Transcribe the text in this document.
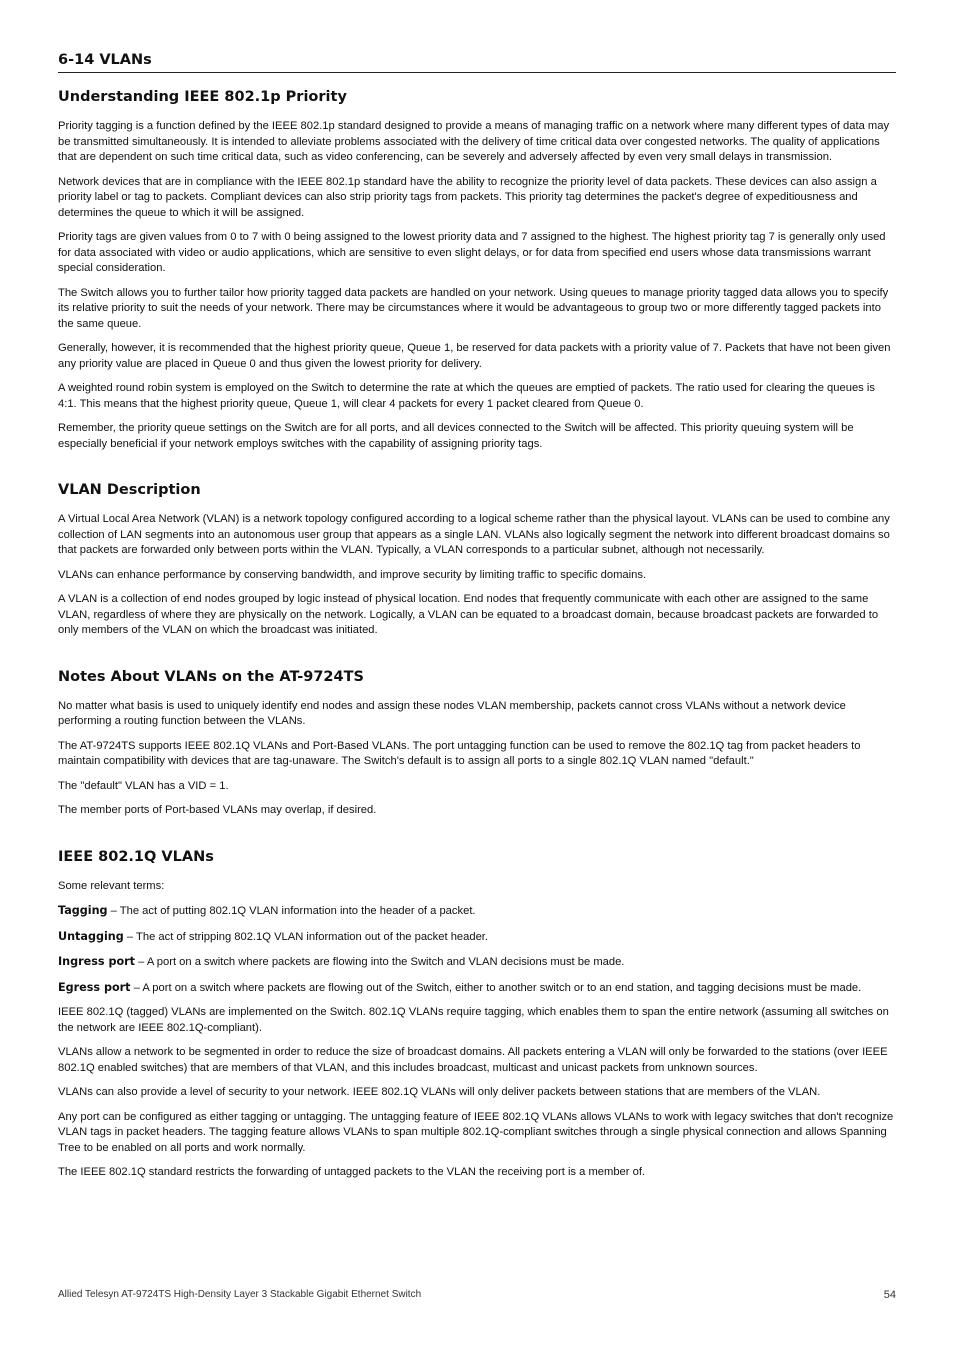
6-14 VLANs
Understanding IEEE 802.1p Priority

Priority tagging is a function defined by the IEEE 802.1p standard designed to provide a means of managing traffic on a network where many different types of data may be transmitted simultaneously. It is intended to alleviate problems associated with the delivery of time critical data over congested networks. The quality of applications that are dependent on such time critical data, such as video conferencing, can be severely and adversely affected by even very small delays in transmission.

Network devices that are in compliance with the IEEE 802.1p standard have the ability to recognize the priority level of data packets. These devices can also assign a priority label or tag to packets. Compliant devices can also strip priority tags from packets. This priority tag determines the packet's degree of expeditiousness and determines the queue to which it will be assigned.

Priority tags are given values from 0 to 7 with 0 being assigned to the lowest priority data and 7 assigned to the highest. The highest priority tag 7 is generally only used for data associated with video or audio applications, which are sensitive to even slight delays, or for data from specified end users whose data transmissions warrant special consideration.

The Switch allows you to further tailor how priority tagged data packets are handled on your network. Using queues to manage priority tagged data allows you to specify its relative priority to suit the needs of your network. There may be circumstances where it would be advantageous to group two or more differently tagged packets into the same queue.

Generally, however, it is recommended that the highest priority queue, Queue 1, be reserved for data packets with a priority value of 7. Packets that have not been given any priority value are placed in Queue 0 and thus given the lowest priority for delivery.

A weighted round robin system is employed on the Switch to determine the rate at which the queues are emptied of packets. The ratio used for clearing the queues is 4:1. This means that the highest priority queue, Queue 1, will clear 4 packets for every 1 packet cleared from Queue 0.

Remember, the priority queue settings on the Switch are for all ports, and all devices connected to the Switch will be affected. This priority queuing system will be especially beneficial if your network employs switches with the capability of assigning priority tags.

VLAN Description

A Virtual Local Area Network (VLAN) is a network topology configured according to a logical scheme rather than the physical layout. VLANs can be used to combine any collection of LAN segments into an autonomous user group that appears as a single LAN. VLANs also logically segment the network into different broadcast domains so that packets are forwarded only between ports within the VLAN. Typically, a VLAN corresponds to a particular subnet, although not necessarily.

VLANs can enhance performance by conserving bandwidth, and improve security by limiting traffic to specific domains.

A VLAN is a collection of end nodes grouped by logic instead of physical location. End nodes that frequently communicate with each other are assigned to the same VLAN, regardless of where they are physically on the network. Logically, a VLAN can be equated to a broadcast domain, because broadcast packets are forwarded to only members of the VLAN on which the broadcast was initiated.

Notes About VLANs on the AT-9724TS

No matter what basis is used to uniquely identify end nodes and assign these nodes VLAN membership, packets cannot cross VLANs without a network device performing a routing function between the VLANs.

The AT-9724TS supports IEEE 802.1Q VLANs and Port-Based VLANs. The port untagging function can be used to remove the 802.1Q tag from packet headers to maintain compatibility with devices that are tag-unaware. The Switch's default is to assign all ports to a single 802.1Q VLAN named "default."

The "default" VLAN has a VID = 1.

The member ports of Port-based VLANs may overlap, if desired.

IEEE 802.1Q VLANs

Some relevant terms:

Tagging – The act of putting 802.1Q VLAN information into the header of a packet.

Untagging – The act of stripping 802.1Q VLAN information out of the packet header.

Ingress port – A port on a switch where packets are flowing into the Switch and VLAN decisions must be made.

Egress port – A port on a switch where packets are flowing out of the Switch, either to another switch or to an end station, and tagging decisions must be made.

IEEE 802.1Q (tagged) VLANs are implemented on the Switch. 802.1Q VLANs require tagging, which enables them to span the entire network (assuming all switches on the network are IEEE 802.1Q-compliant).

VLANs allow a network to be segmented in order to reduce the size of broadcast domains. All packets entering a VLAN will only be forwarded to the stations (over IEEE 802.1Q enabled switches) that are members of that VLAN, and this includes broadcast, multicast and unicast packets from unknown sources.

VLANs can also provide a level of security to your network. IEEE 802.1Q VLANs will only deliver packets between stations that are members of the VLAN.

Any port can be configured as either tagging or untagging. The untagging feature of IEEE 802.1Q VLANs allows VLANs to work with legacy switches that don't recognize VLAN tags in packet headers. The tagging feature allows VLANs to span multiple 802.1Q-compliant switches through a single physical connection and allows Spanning Tree to be enabled on all ports and work normally.

The IEEE 802.1Q standard restricts the forwarding of untagged packets to the VLAN the receiving port is a member of.

Allied Telesyn AT-9724TS High-Density Layer 3 Stackable Gigabit Ethernet Switch	54
